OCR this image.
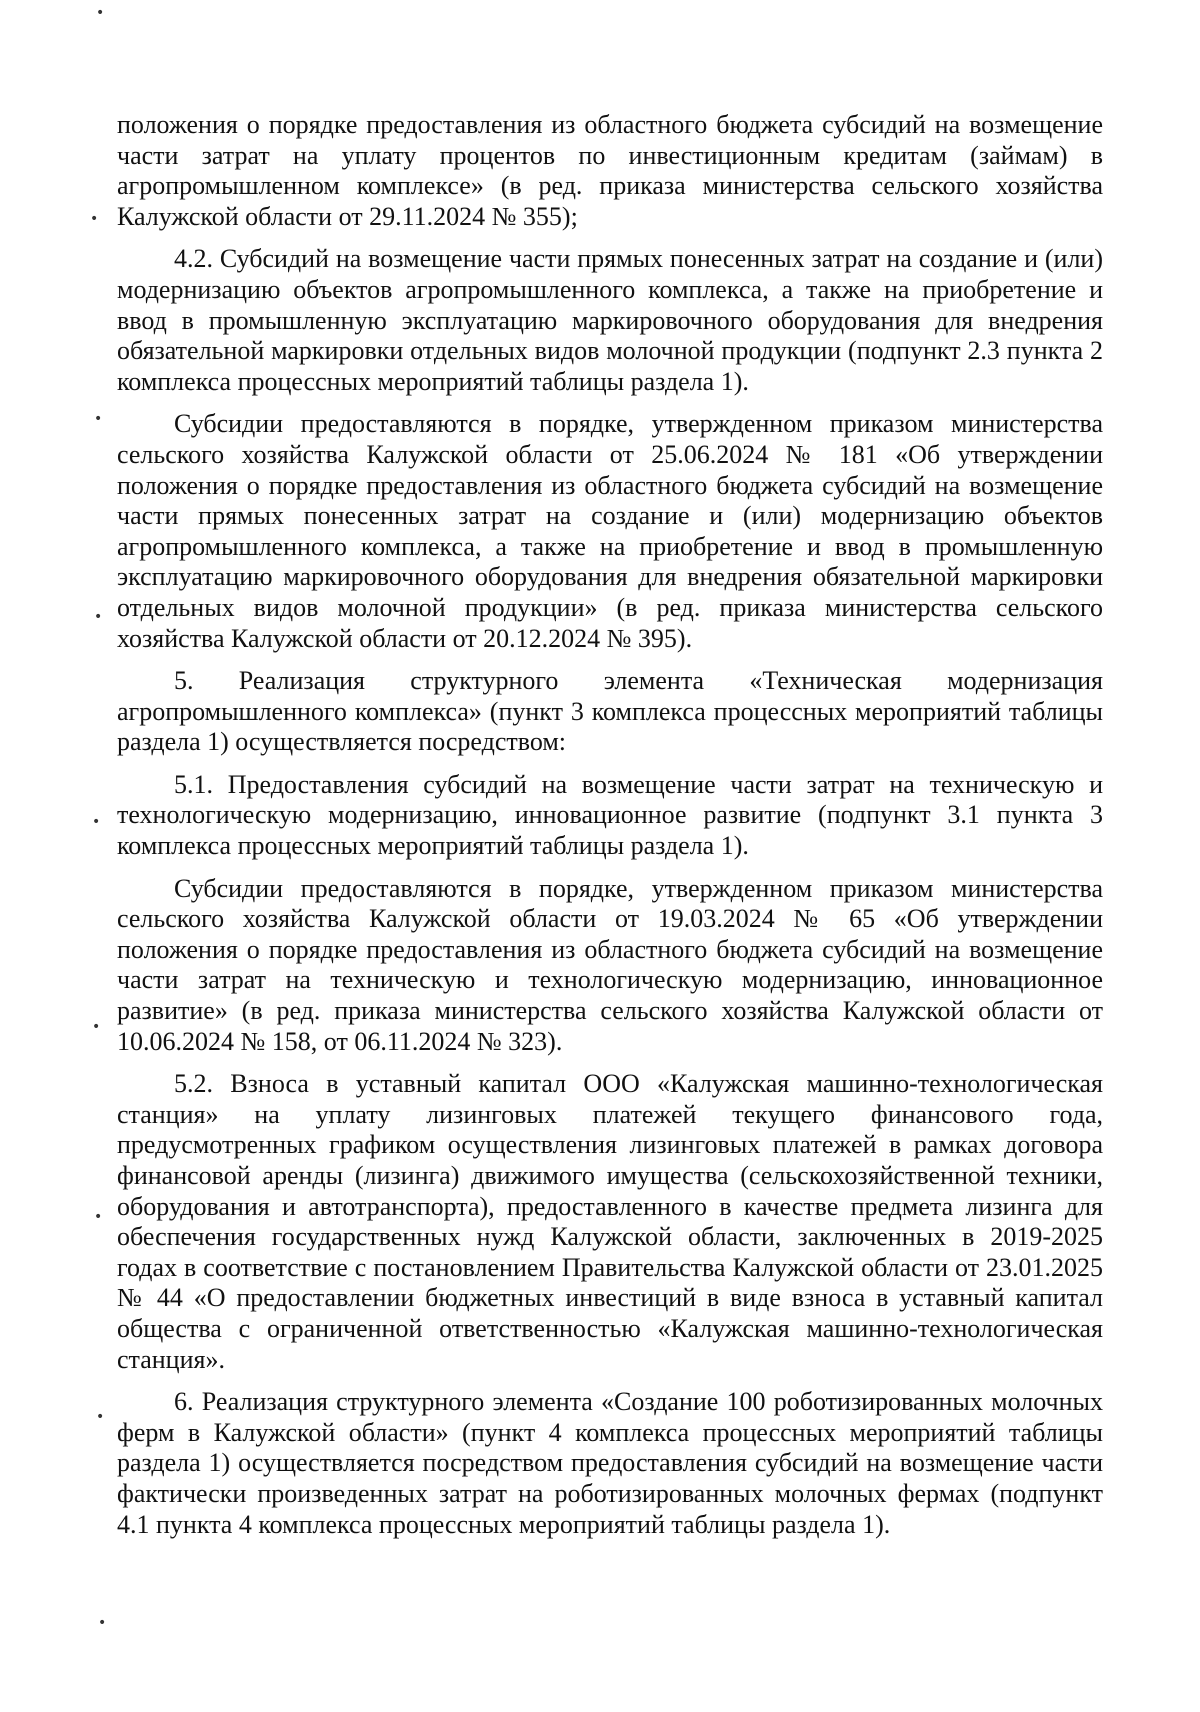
положения о порядке предоставления из областного бюджета субсидий на возмещение части затрат на уплату процентов по инвестиционным кредитам (займам) в агропромышленном комплексе» (в ред. приказа министерства сельского хозяйства Калужской области от 29.11.2024 № 355);

4.2. Субсидий на возмещение части прямых понесенных затрат на создание и (или) модернизацию объектов агропромышленного комплекса, а также на приобретение и ввод в промышленную эксплуатацию маркировочного оборудования для внедрения обязательной маркировки отдельных видов молочной продукции (подпункт 2.3 пункта 2 комплекса процессных мероприятий таблицы раздела 1).

Субсидии предоставляются в порядке, утвержденном приказом министерства сельского хозяйства Калужской области от 25.06.2024 № 181 «Об утверждении положения о порядке предоставления из областного бюджета субсидий на возмещение части прямых понесенных затрат на создание и (или) модернизацию объектов агропромышленного комплекса, а также на приобретение и ввод в промышленную эксплуатацию маркировочного оборудования для внедрения обязательной маркировки отдельных видов молочной продукции» (в ред. приказа министерства сельского хозяйства Калужской области от 20.12.2024 № 395).

5. Реализация структурного элемента «Техническая модернизация агропромышленного комплекса» (пункт 3 комплекса процессных мероприятий таблицы раздела 1) осуществляется посредством:

5.1. Предоставления субсидий на возмещение части затрат на техническую и технологическую модернизацию, инновационное развитие (подпункт 3.1 пункта 3 комплекса процессных мероприятий таблицы раздела 1).

Субсидии предоставляются в порядке, утвержденном приказом министерства сельского хозяйства Калужской области от 19.03.2024 № 65 «Об утверждении положения о порядке предоставления из областного бюджета субсидий на возмещение части затрат на техническую и технологическую модернизацию, инновационное развитие» (в ред. приказа министерства сельского хозяйства Калужской области от 10.06.2024 № 158, от 06.11.2024 № 323).

5.2. Взноса в уставный капитал ООО «Калужская машинно-технологическая станция» на уплату лизинговых платежей текущего финансового года, предусмотренных графиком осуществления лизинговых платежей в рамках договора финансовой аренды (лизинга) движимого имущества (сельскохозяйственной техники, оборудования и автотранспорта), предоставленного в качестве предмета лизинга для обеспечения государственных нужд Калужской области, заключенных в 2019-2025 годах в соответствие с постановлением Правительства Калужской области от 23.01.2025 № 44 «О предоставлении бюджетных инвестиций в виде взноса в уставный капитал общества с ограниченной ответственностью «Калужская машинно-технологическая станция».

6. Реализация структурного элемента «Создание 100 роботизированных молочных ферм в Калужской области» (пункт 4 комплекса процессных мероприятий таблицы раздела 1) осуществляется посредством предоставления субсидий на возмещение части фактически произведенных затрат на роботизированных молочных фермах (подпункт 4.1 пункта 4 комплекса процессных мероприятий таблицы раздела 1).

•
•
•
•
•
•
•
•
•
